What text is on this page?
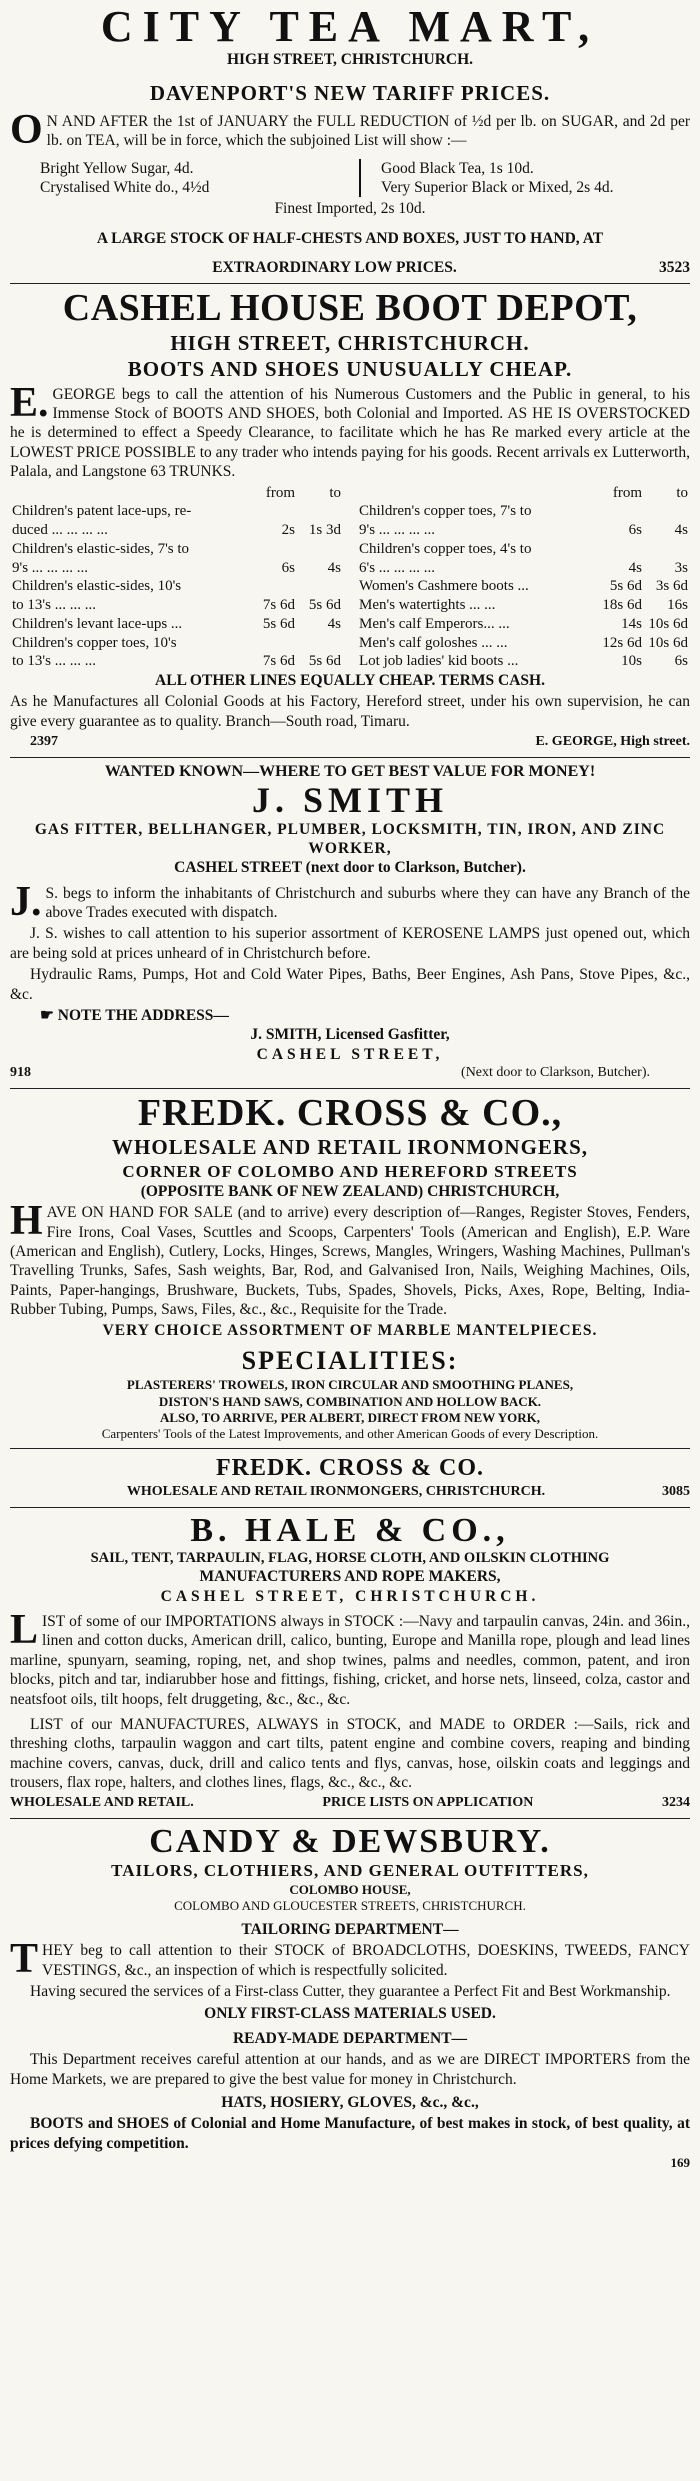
CITY TEA MART,
HIGH STREET, CHRISTCHURCH.
DAVENPORT'S NEW TARIFF PRICES.

ON AND AFTER the 1st of JANUARY the FULL REDUCTION of ½d per lb. on SUGAR, and 2d per lb. on TEA, will be in force, which the subjoined List will show :—

Bright Yellow Sugar, 4d.
Crystalised White do., 4½d
Good Black Tea, 1s 10d.
Very Superior Black or Mixed, 2s 4d.
Finest Imported, 2s 10d.
A LARGE STOCK OF HALF-CHESTS AND BOXES, JUST TO HAND, AT
EXTRAORDINARY LOW PRICES.	3523
CASHEL HOUSE BOOT DEPOT,
HIGH STREET, CHRISTCHURCH.
BOOTS AND SHOES UNUSUALLY CHEAP.

E.GEORGE begs to call the attention of his Numerous Customers and the Public in general, to his Immense Stock of BOOTS AND SHOES, both Colonial and Imported. AS HE IS OVERSTOCKED he is determined to effect a Speedy Clearance, to facilitate which he has Re marked every article at the LOWEST PRICE POSSIBLE to any trader who intends paying for his goods. Recent arrivals ex Lutterworth, Palala, and Langstone 63 TRUNKS.

	from	to
Children's patent lace-ups, re-		
duced ... ... ... ...	2s	1s 3d
Children's elastic-sides, 7's to		
9's ... ... ... ...	6s	4s
Children's elastic-sides, 10's		
to 13's ... ... ...	7s 6d	5s 6d
Children's levant lace-ups ...	5s 6d	4s
Children's copper toes, 10's		
to 13's ... ... ...	7s 6d	5s 6d
	from	to
Children's copper toes, 7's to		
9's ... ... ... ...	6s	4s
Children's copper toes, 4's to		
6's ... ... ... ...	4s	3s
Women's Cashmere boots ...	5s 6d	3s 6d
Men's watertights ... ...	18s 6d	16s
Men's calf Emperors... ...	14s	10s 6d
Men's calf goloshes ... ...	12s 6d	10s 6d
Lot job ladies' kid boots ...	10s	6s
ALL OTHER LINES EQUALLY CHEAP. TERMS CASH.

As he Manufactures all Colonial Goods at his Factory, Hereford street, under his own supervision, he can give every guarantee as to quality. Branch—South road, Timaru.

2397	E. GEORGE, High street.
WANTED KNOWN—WHERE TO GET BEST VALUE FOR MONEY!
J. SMITH
GAS FITTER, BELLHANGER, PLUMBER, LOCKSMITH, TIN, IRON, AND ZINC WORKER,
CASHEL STREET (next door to Clarkson, Butcher).

J.S. begs to inform the inhabitants of Christchurch and suburbs where they can have any Branch of the above Trades executed with dispatch.

J. S. wishes to call attention to his superior assortment of KEROSENE LAMPS just opened out, which are being sold at prices unheard of in Christchurch before.

Hydraulic Rams, Pumps, Hot and Cold Water Pipes, Baths, Beer Engines, Ash Pans, Stove Pipes, &c., &c.

☛ NOTE THE ADDRESS—
J. SMITH, Licensed Gasfitter,
CASHEL STREET,
918	(Next door to Clarkson, Butcher).
FREDK. CROSS & CO.,
WHOLESALE AND RETAIL IRONMONGERS,
CORNER OF COLOMBO AND HEREFORD STREETS
(OPPOSITE BANK OF NEW ZEALAND) CHRISTCHURCH,

HAVE ON HAND FOR SALE (and to arrive) every description of—Ranges, Register Stoves, Fenders, Fire Irons, Coal Vases, Scuttles and Scoops, Carpenters' Tools (American and English), E.P. Ware (American and English), Cutlery, Locks, Hinges, Screws, Mangles, Wringers, Washing Machines, Pullman's Travelling Trunks, Safes, Sash weights, Bar, Rod, and Galvanised Iron, Nails, Weighing Machines, Oils, Paints, Paper-hangings, Brushware, Buckets, Tubs, Spades, Shovels, Picks, Axes, Rope, Belting, India-Rubber Tubing, Pumps, Saws, Files, &c., &c., Requisite for the Trade.

VERY CHOICE ASSORTMENT OF MARBLE MANTELPIECES.
SPECIALITIES:
PLASTERERS' TROWELS, IRON CIRCULAR AND SMOOTHING PLANES,
DISTON'S HAND SAWS, COMBINATION AND HOLLOW BACK.
ALSO, TO ARRIVE, PER ALBERT, DIRECT FROM NEW YORK,
Carpenters' Tools of the Latest Improvements, and other American Goods of every Description.
FREDK. CROSS & CO.
WHOLESALE AND RETAIL IRONMONGERS, CHRISTCHURCH.	3085
B. HALE & CO.,
SAIL, TENT, TARPAULIN, FLAG, HORSE CLOTH, AND OILSKIN CLOTHING
MANUFACTURERS AND ROPE MAKERS,
CASHEL STREET, CHRISTCHURCH.

LIST of some of our IMPORTATIONS always in STOCK :—Navy and tarpaulin canvas, 24in. and 36in., linen and cotton ducks, American drill, calico, bunting, Europe and Manilla rope, plough and lead lines marline, spunyarn, seaming, roping, net, and shop twines, palms and needles, common, patent, and iron blocks, pitch and tar, indiarubber hose and fittings, fishing, cricket, and horse nets, linseed, colza, castor and neatsfoot oils, tilt hoops, felt druggeting, &c., &c., &c.

LIST of our MANUFACTURES, ALWAYS in STOCK, and MADE to ORDER :—Sails, rick and threshing cloths, tarpaulin waggon and cart tilts, patent engine and combine covers, reaping and binding machine covers, canvas, duck, drill and calico tents and flys, canvas, hose, oilskin coats and leggings and trousers, flax rope, halters, and clothes lines, flags, &c., &c., &c.

WHOLESALE AND RETAIL.	PRICE LISTS ON APPLICATION	3234
CANDY & DEWSBURY.
TAILORS, CLOTHIERS, AND GENERAL OUTFITTERS,
COLOMBO HOUSE,
COLOMBO AND GLOUCESTER STREETS, CHRISTCHURCH.
TAILORING DEPARTMENT—

THEY beg to call attention to their STOCK of BROADCLOTHS, DOESKINS, TWEEDS, FANCY VESTINGS, &c., an inspection of which is respectfully solicited.

Having secured the services of a First-class Cutter, they guarantee a Perfect Fit and Best Workmanship.

ONLY FIRST-CLASS MATERIALS USED.
READY-MADE DEPARTMENT—

This Department receives careful attention at our hands, and as we are DIRECT IMPORTERS from the Home Markets, we are prepared to give the best value for money in Christchurch.

HATS, HOSIERY, GLOVES, &c., &c.,

BOOTS and SHOES of Colonial and Home Manufacture, of best makes in stock, of best quality, at prices defying competition.

169
